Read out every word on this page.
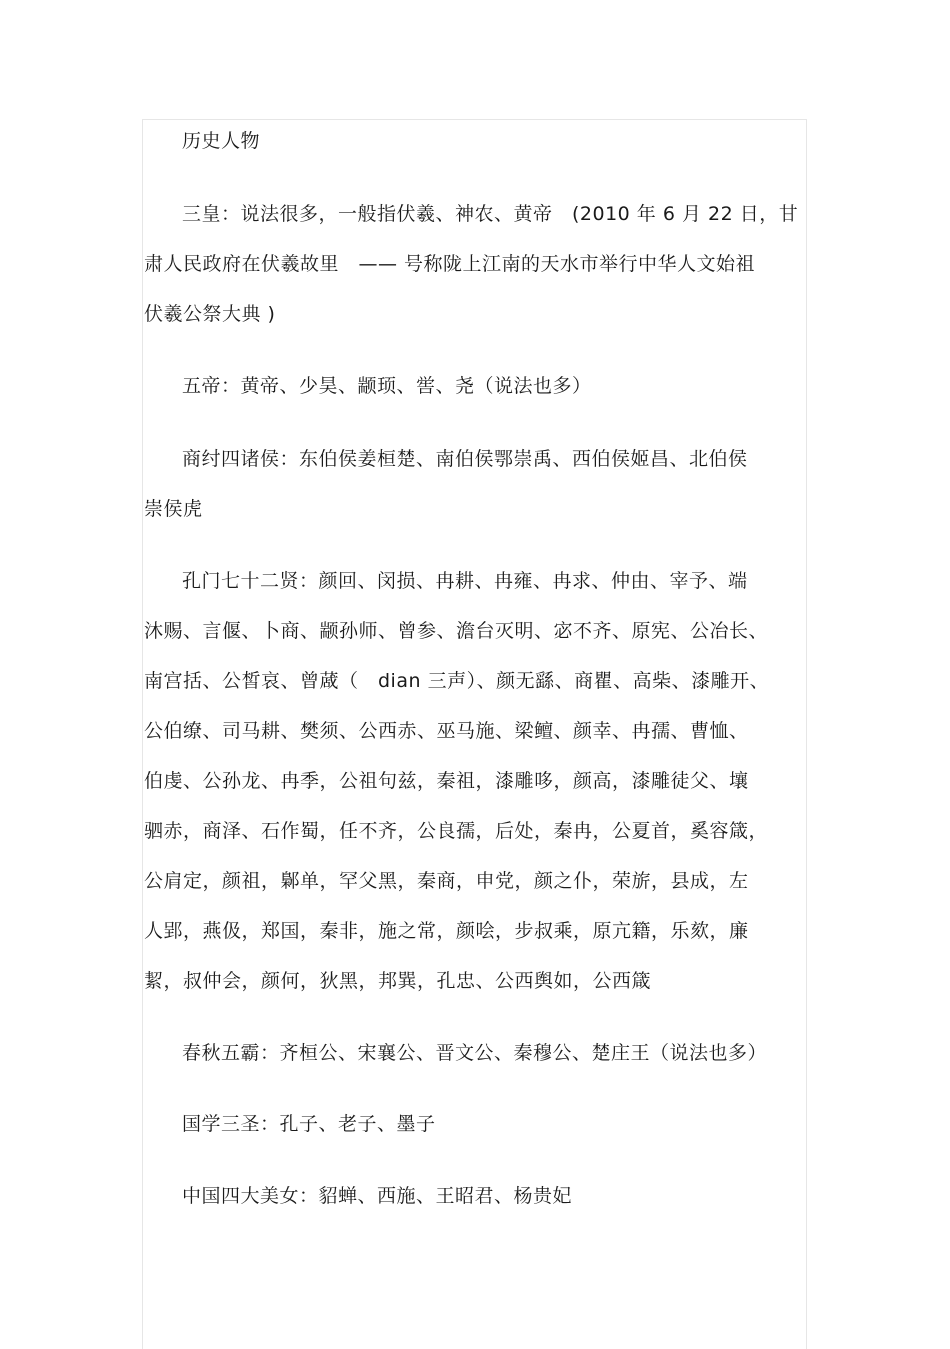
历史人物
三皇：说法很多，一般指伏羲、神农、黄帝　(2010 年 6 月 22 日，甘
肃人民政府在伏羲故里　—— 号称陇上江南的天水市举行中华人文始祖
伏羲公祭大典 )
五帝：黄帝、少昊、颛顼、喾、尧（说法也多）
商纣四诸侯：东伯侯姜桓楚、南伯侯鄂崇禹、西伯侯姬昌、北伯侯
崇侯虎
孔门七十二贤：颜回、闵损、冉耕、冉雍、冉求、仲由、宰予、端
沐赐、言偃、卜商、颛孙师、曾参、澹台灭明、宓不齐、原宪、公冶长、
南宫括、公皙哀、曾蒧（　dian 三声）、颜无繇、商瞿、高柴、漆雕开、
公伯缭、司马耕、樊须、公西赤、巫马施、梁鳣、颜幸、冉孺、曹恤、
伯虔、公孙龙、冉季，公祖句兹，秦祖，漆雕哆，颜高，漆雕徒父、壤
驷赤，商泽、石作蜀，任不齐，公良孺，后处，秦冉，公夏首，奚容箴，
公肩定，颜祖，鄡单，罕父黑，秦商，申党，颜之仆，荣旂，县成，左
人郢，燕伋，郑国，秦非，施之常，颜哙，步叔乘，原亢籍，乐欬，廉
絜，叔仲会，颜何，狄黑，邦巽，孔忠、公西舆如，公西箴
春秋五霸：齐桓公、宋襄公、晋文公、秦穆公、楚庄王（说法也多）
国学三圣：孔子、老子、墨子
中国四大美女：貂蝉、西施、王昭君、杨贵妃
